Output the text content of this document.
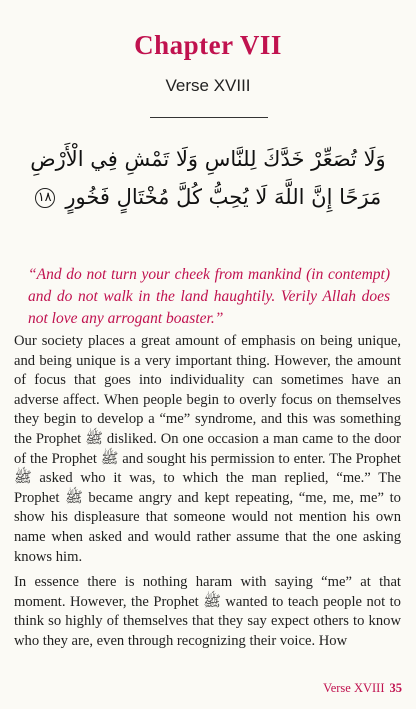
Chapter VII
Verse XVIII
وَلَا تُصَعِّرْ خَدَّكَ لِلنَّاسِ وَلَا تَمْشِ فِي الْأَرْضِ
مَرَحًا إِنَّ اللَّهَ لَا يُحِبُّ كُلَّ مُخْتَالٍ فَخُورٍ ١٨
“And do not turn your cheek from mankind (in contempt) and do not walk in the land haughtily. Verily Allah does not love any arrogant boaster.”

Our society places a great amount of emphasis on being unique, and being unique is a very important thing. However, the amount of focus that goes into individuality can sometimes have an adverse affect. When people begin to overly focus on themselves they begin to develop a “me” syndrome, and this was something the Prophet ﷺ disliked. On one occasion a man came to the door of the Prophet ﷺ and sought his permission to enter. The Prophet ﷺ asked who it was, to which the man replied, “me.” The Prophet ﷺ became angry and kept repeating, “me, me, me” to show his displeasure that someone would not mention his own name when asked and would rather assume that the one asking knows him.

In essence there is nothing haram with saying “me” at that moment. However, the Prophet ﷺ wanted to teach people not to think so highly of themselves that they say expect others to know who they are, even through recognizing their voice. How

Verse XVIII 35
